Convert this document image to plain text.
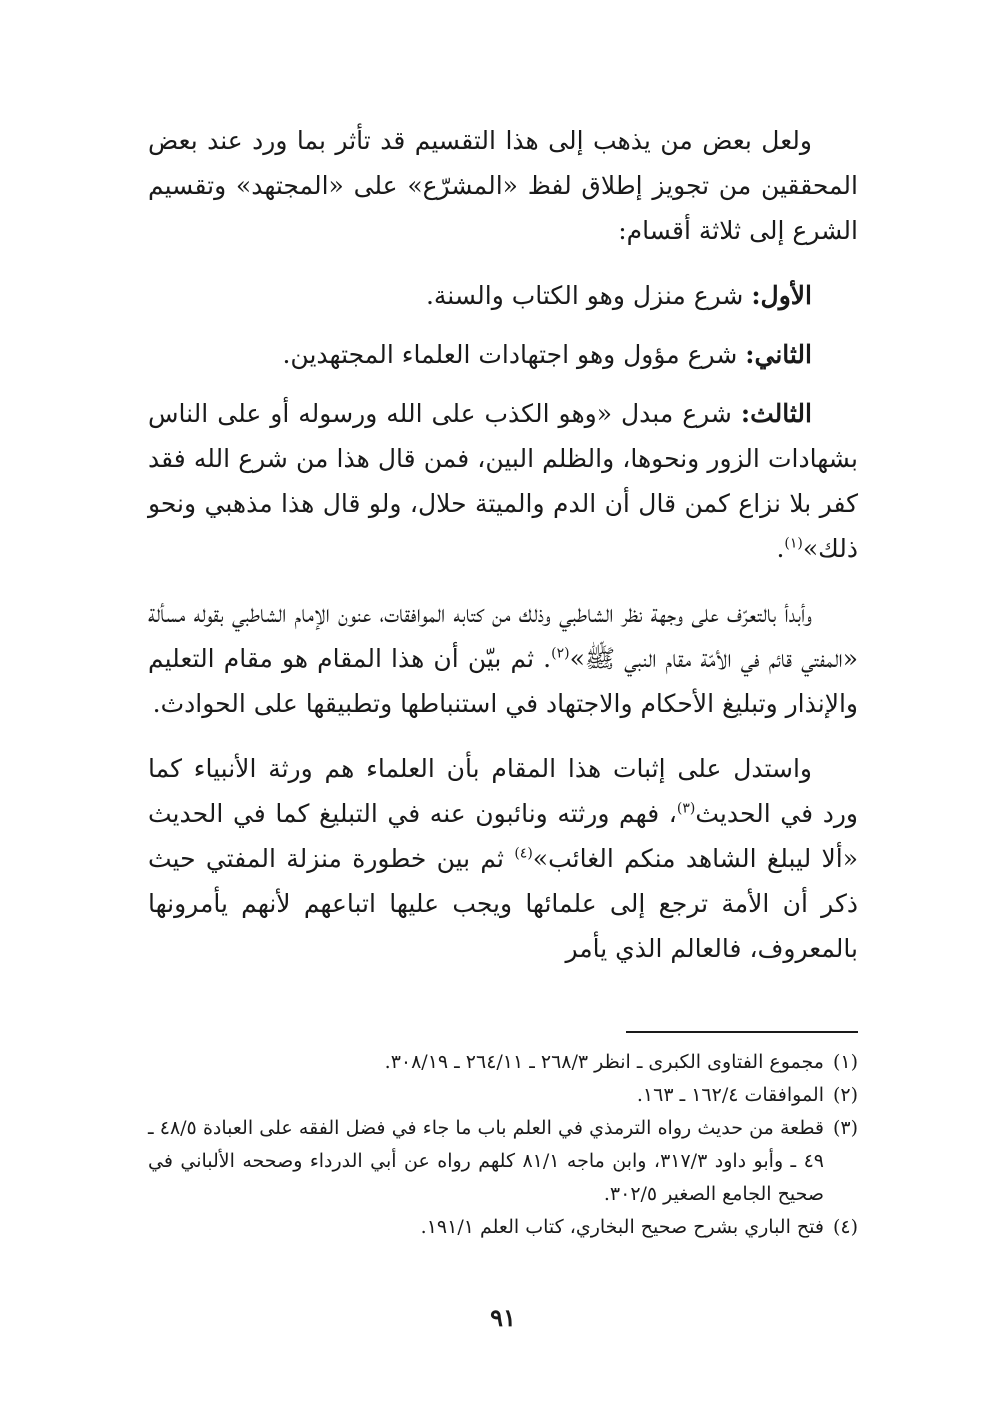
ولعل بعض من يذهب إلى هذا التقسيم قد تأثر بما ورد عند بعض المحققين من تجويز إطلاق لفظ «المشرّع» على «المجتهد» وتقسيم الشرع إلى ثلاثة أقسام:

الأول: شرع منزل وهو الكتاب والسنة.

الثاني: شرع مؤول وهو اجتهادات العلماء المجتهدين.

الثالث: شرع مبدل «وهو الكذب على الله ورسوله أو على الناس بشهادات الزور ونحوها، والظلم البين، فمن قال هذا من شرع الله فقد كفر بلا نزاع كمن قال أن الدم والميتة حلال، ولو قال هذا مذهبي ونحو ذلك»$^{(١)}$.

وأبدأ بالتعرّف على وجهة نظر الشاطبي وذلك من كتابه الموافقات، عنون الإمام الشاطبي بقوله مسألة «المفتي قائم في الأمّة مقام النبي ﷺ»$^{(٢)}$. ثم بيّن أن هذا المقام هو مقام التعليم والإنذار وتبليغ الأحكام والاجتهاد في استنباطها وتطبيقها على الحوادث.

واستدل على إثبات هذا المقام بأن العلماء هم ورثة الأنبياء كما ورد في الحديث$^{(٣)}$، فهم ورثته ونائبون عنه في التبليغ كما في الحديث «ألا ليبلغ الشاهد منكم الغائب»$^{(٤)}$ ثم بين خطورة منزلة المفتي حيث ذكر أن الأمة ترجع إلى علمائها ويجب عليها اتباعهم لأنهم يأمرونها بالمعروف، فالعالم الذي يأمر

(١)
مجموع الفتاوى الكبرى ـ انظر ٢٦٨/٣ ـ ٢٦٤/١١ ـ ٣٠٨/١٩.

(٢)
الموافقات ١٦٢/٤ ـ ١٦٣.

(٣)
قطعة من حديث رواه الترمذي في العلم باب ما جاء في فضل الفقه على العبادة ٤٨/٥ ـ ٤٩ ـ وأبو داود ٣١٧/٣، وابن ماجه ٨١/١ كلهم رواه عن أبي الدرداء وصححه الألباني في صحيح الجامع الصغير ٣٠٢/٥.

(٤)
فتح الباري بشرح صحيح البخاري، كتاب العلم ١٩١/١.

٩١
